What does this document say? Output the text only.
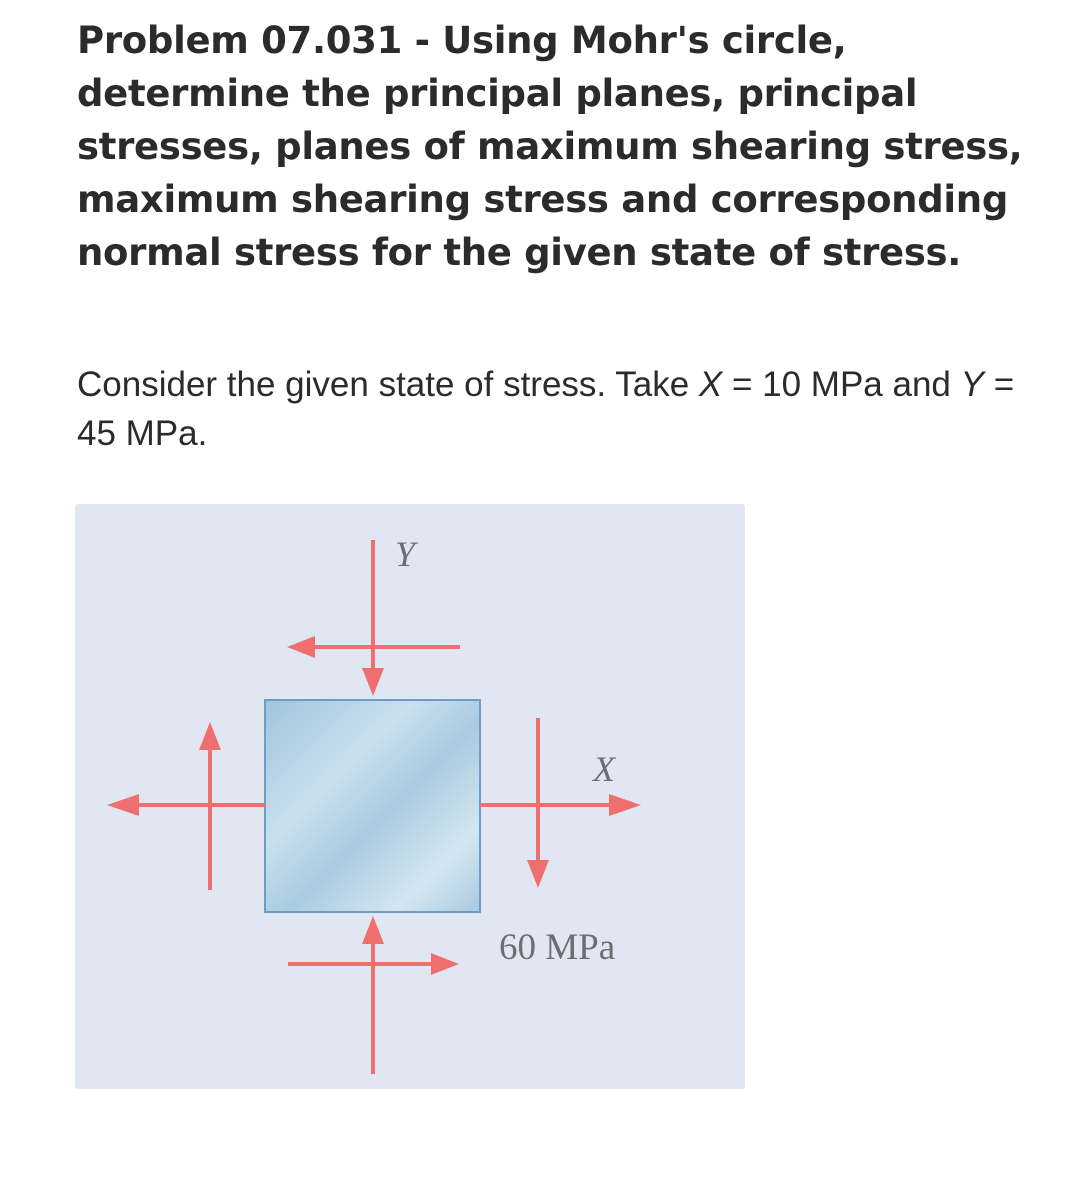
Problem 07.031 - Using Mohr's circle, determine the principal planes, principal stresses, planes of maximum shearing stress, maximum shearing stress and corresponding normal stress for the given state of stress.

Consider the given state of stress. Take X = 10 MPa and Y = 45 MPa.

Y
X
60 MPa
